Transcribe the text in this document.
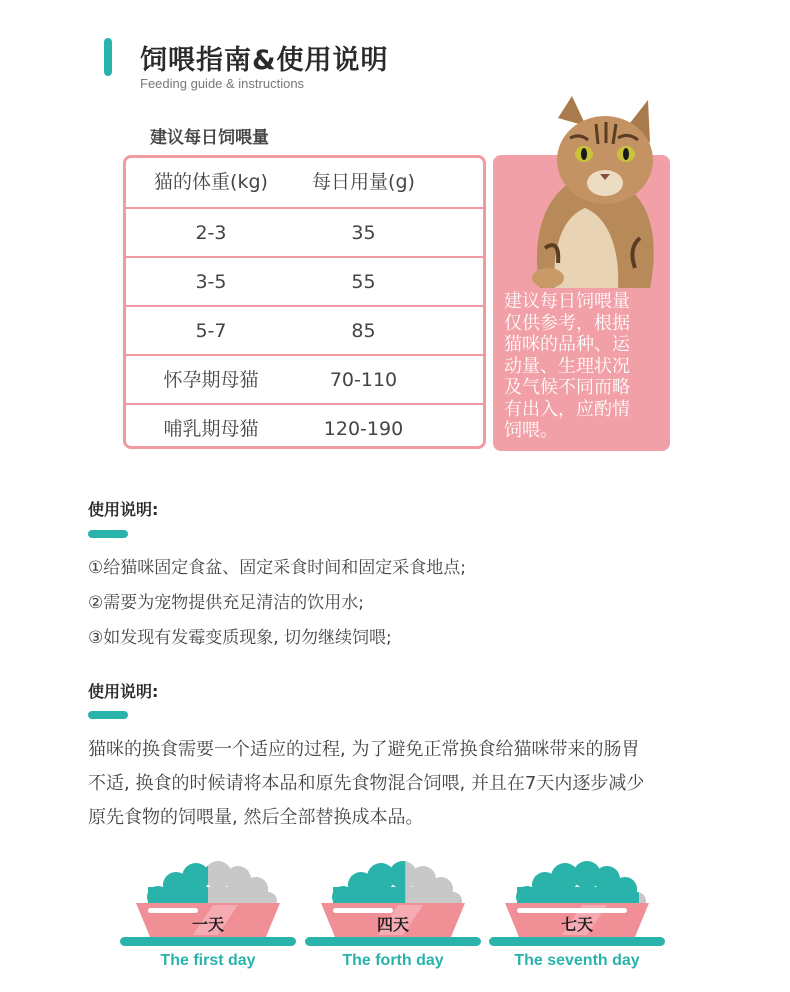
饲喂指南&使用说明
Feeding guide & instructions
建议每日饲喂量
猫的体重(kg)	每日用量(g)
2-3	35
3-5	55
5-7	85
怀孕期母猫	70-110
哺乳期母猫	120-190
建议每日饲喂量
仅供参考，根据
猫咪的品种、运
动量、生理状况
及气候不同而略
有出入，应酌情
饲喂。
使用说明:
①给猫咪固定食盆、固定采食时间和固定采食地点;
②需要为宠物提供充足清洁的饮用水;
③如发现有发霉变质现象, 切勿继续饲喂;
使用说明:
猫咪的换食需要一个适应的过程, 为了避免正常换食给猫咪带来的肠胃
不适, 换食的时候请将本品和原先食物混合饲喂, 并且在7天内逐步减少
原先食物的饲喂量, 然后全部替换成本品。
一天
The first day
四天
The forth day
七天
The seventh day
